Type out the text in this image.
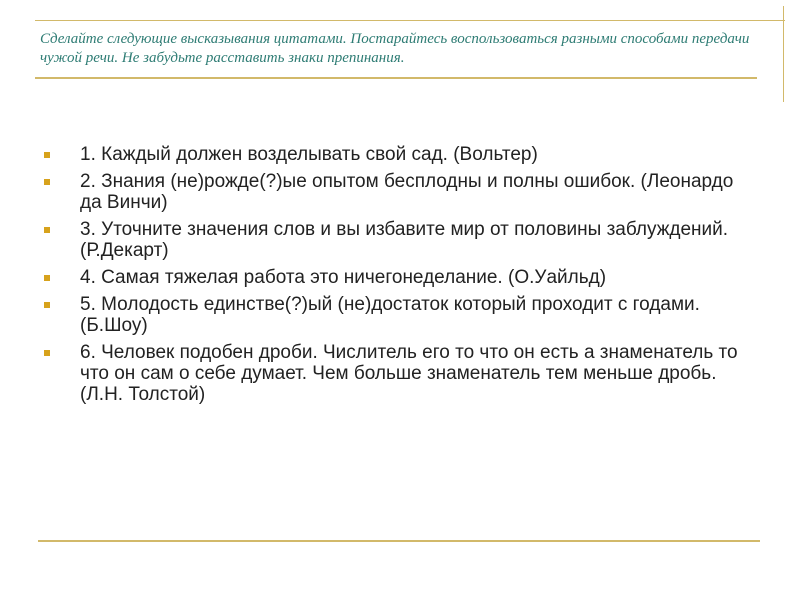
Сделайте следующие высказывания цитатами. Постарайтесь воспользоваться разными способами передачи чужой речи. Не забудьте расставить знаки препинания.

1. Каждый должен возделывать свой сад. (Вольтер)
2. Знания (не)рожде(?)ые опытом бесплодны и полны ошибок. (Леонардо да Винчи)
3. Уточните значения слов и вы избавите мир от половины заблуждений. (Р.Декарт)
4. Самая тяжелая работа это ничегонеделание. (О.Уайльд)
5. Молодость единстве(?)ый (не)достаток который проходит с годами. (Б.Шоу)
6. Человек подобен дроби. Числитель его то что он есть а знаменатель то что он сам о себе думает. Чем больше знаменатель тем меньше дробь. (Л.Н. Толстой)
